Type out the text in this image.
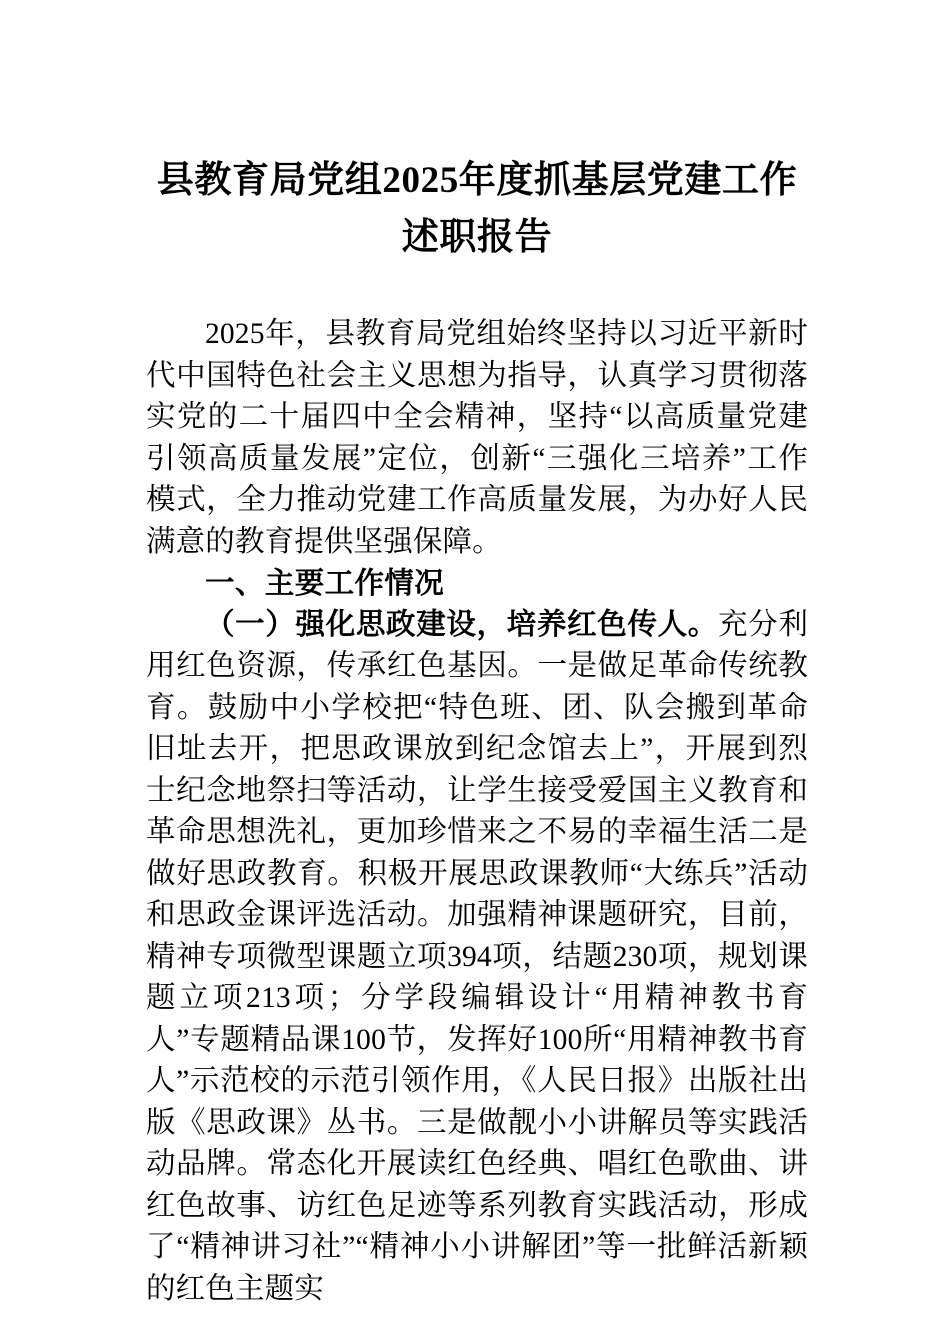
县教育局党组2025年度抓基层党建工作述职报告

2025年，县教育局党组始终坚持以习近平新时代中国特色社会主义思想为指导，认真学习贯彻落实党的二十届四中全会精神，坚持“以高质量党建引领高质量发展”定位，创新“三强化三培养”工作模式，全力推动党建工作高质量发展，为办好人民满意的教育提供坚强保障。

一、主要工作情况

（一）强化思政建设，培养红色传人。充分利用红色资源，传承红色基因。一是做足革命传统教育。鼓励中小学校把“特色班、团、队会搬到革命旧址去开，把思政课放到纪念馆去上”，开展到烈士纪念地祭扫等活动，让学生接受爱国主义教育和革命思想洗礼，更加珍惜来之不易的幸福生活二是做好思政教育。积极开展思政课教师“大练兵”活动和思政金课评选活动。加强精神课题研究，目前，精神专项微型课题立项394项，结题230项，规划课题立项213项；分学段编辑设计“用精神教书育人”专题精品课100节，发挥好100所“用精神教书育人”示范校的示范引领作用，《人民日报》出版社出版《思政课》丛书。三是做靓小小讲解员等实践活动品牌。常态化开展读红色经典、唱红色歌曲、讲红色故事、访红色足迹等系列教育实践活动，形成了“精神讲习社”“精神小小讲解团”等一批鲜活新颖的红色主题实
